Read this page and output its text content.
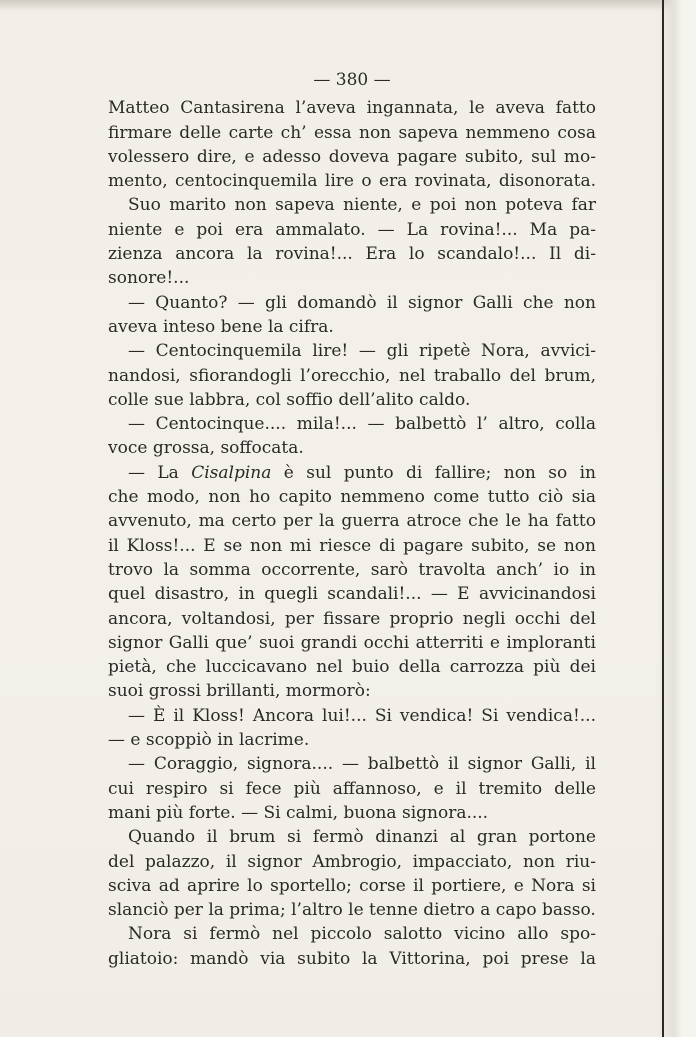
— 380 —

Matteo Cantasirena l’aveva ingannata, le aveva fatto

firmare delle carte ch’ essa non sapeva nemmeno cosa

volessero dire, e adesso doveva pagare subito, sul mo-

mento, centocinquemila lire o era rovinata, disonorata.

Suo marito non sapeva niente, e poi non poteva far

niente e poi era ammalato. — La rovina!... Ma pa-

zienza ancora la rovina!... Era lo scandalo!... Il di-

sonore!...

— Quanto? — gli domandò il signor Galli che non

aveva inteso bene la cifra.

— Centocinquemila lire! — gli ripetè Nora, avvici-

nandosi, sfiorandogli l’orecchio, nel traballo del brum,

colle sue labbra, col soffio dell’alito caldo.

— Centocinque.... mila!... — balbettò l’ altro, colla

voce grossa, soffocata.

— La Cisalpina è sul punto di fallire; non so in

che modo, non ho capito nemmeno come tutto ciò sia

avvenuto, ma certo per la guerra atroce che le ha fatto

il Kloss!... E se non mi riesce di pagare subito, se non

trovo la somma occorrente, sarò travolta anch’ io in

quel disastro, in quegli scandali!... — E avvicinandosi

ancora, voltandosi, per fissare proprio negli occhi del

signor Galli que’ suoi grandi occhi atterriti e imploranti

pietà, che luccicavano nel buio della carrozza più dei

suoi grossi brillanti, mormorò:

— È il Kloss! Ancora lui!... Si vendica! Si vendica!...

— e scoppiò in lacrime.

— Coraggio, signora.... — balbettò il signor Galli, il

cui respiro si fece più affannoso, e il tremito delle

mani più forte. — Si calmi, buona signora....

Quando il brum si fermò dinanzi al gran portone

del palazzo, il signor Ambrogio, impacciato, non riu-

sciva ad aprire lo sportello; corse il portiere, e Nora si

slanciò per la prima; l’altro le tenne dietro a capo basso.

Nora si fermò nel piccolo salotto vicino allo spo-

gliatoio: mandò via subito la Vittorina, poi prese la
